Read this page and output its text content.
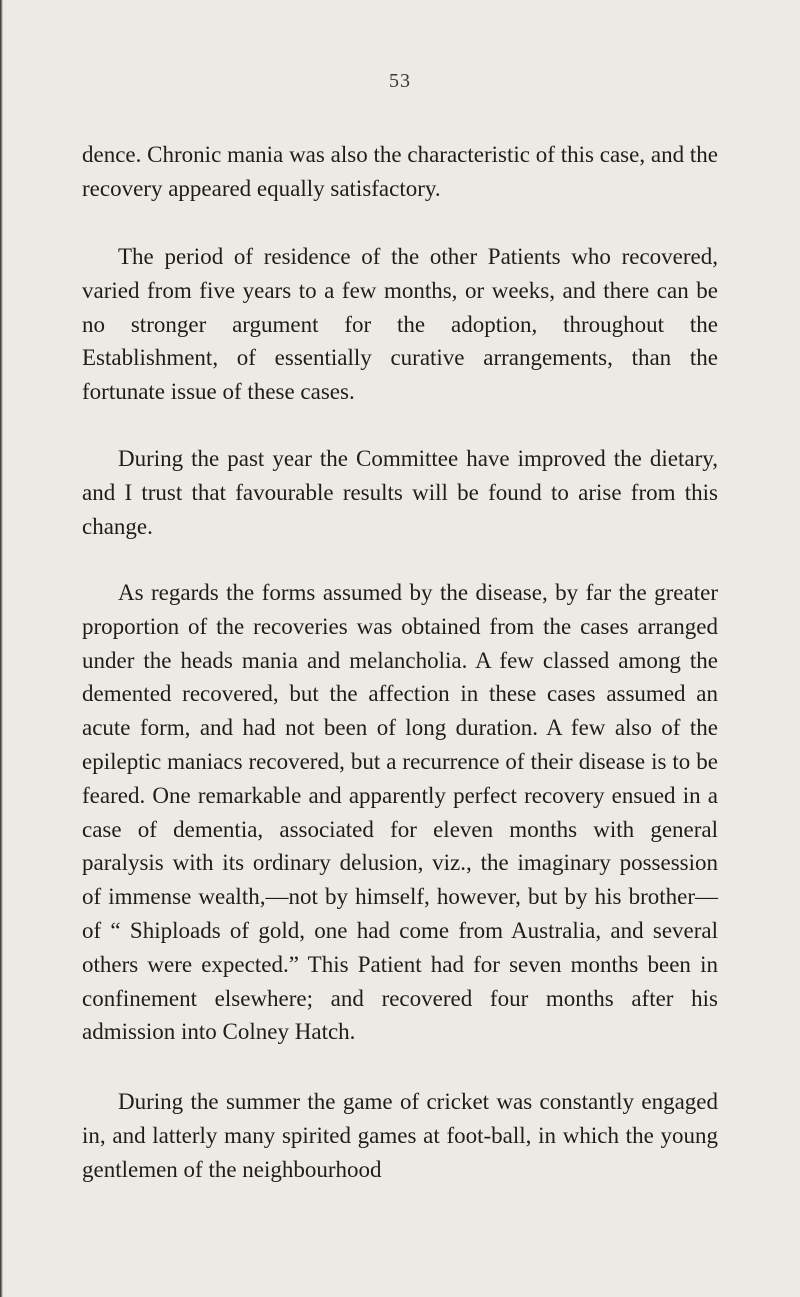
53

dence. Chronic mania was also the characteristic of this case, and the recovery appeared equally satisfactory.

The period of residence of the other Patients who recovered, varied from five years to a few months, or weeks, and there can be no stronger argument for the adoption, throughout the Establishment, of essentially curative arrangements, than the fortunate issue of these cases.

During the past year the Committee have improved the dietary, and I trust that favourable results will be found to arise from this change.

As regards the forms assumed by the disease, by far the greater proportion of the recoveries was obtained from the cases arranged under the heads mania and melancholia. A few classed among the demented recovered, but the affection in these cases assumed an acute form, and had not been of long duration. A few also of the epileptic maniacs recovered, but a recurrence of their disease is to be feared. One remarkable and apparently perfect recovery ensued in a case of dementia, associated for eleven months with general paralysis with its ordinary delusion, viz., the imaginary possession of immense wealth,—not by himself, however, but by his brother—of “ Shiploads of gold, one had come from Australia, and several others were expected.” This Patient had for seven months been in confinement elsewhere; and recovered four months after his admission into Colney Hatch.

During the summer the game of cricket was constantly engaged in, and latterly many spirited games at foot-ball, in which the young gentlemen of the neighbourhood
